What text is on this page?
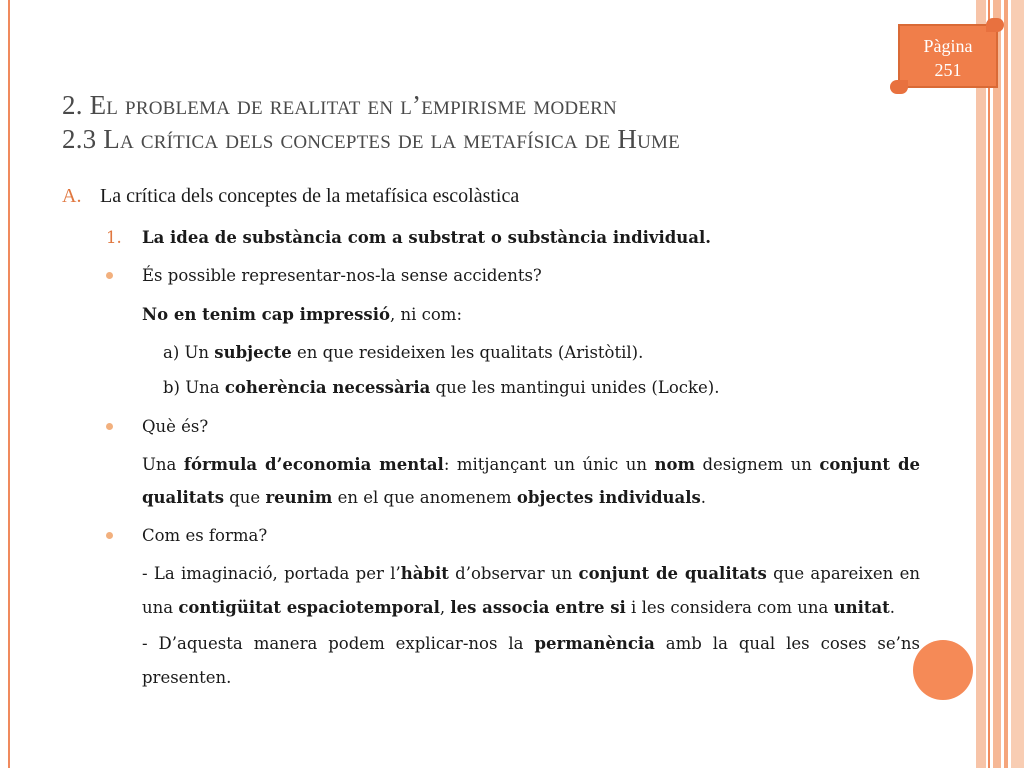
Pàgina
251
2. El problema de realitat en l’empirisme modern
2.3 La crítica dels conceptes de la metafísica de Hume
A. La crítica dels conceptes de la metafísica escolàstica
1. La idea de substància com a substrat o substància individual.
És possible representar-nos-la sense accidents?
No en tenim cap impressió, ni com:
a) Un subjecte en que resideixen les qualitats (Aristòtil).
b) Una coherència necessària que les mantingui unides (Locke).
Què és?
Una fórmula d’economia mental: mitjançant un únic un nom designem un conjunt de
qualitats que reunim en el que anomenem objectes individuals.
Com es forma?
- La imaginació, portada per l’hàbit d’observar un conjunt de qualitats que apareixen en
una contigüitat espaciotemporal, les associa entre si i les considera com una unitat.
- D’aquesta manera podem explicar-nos la permanència amb la qual les coses se’ns
presenten.
